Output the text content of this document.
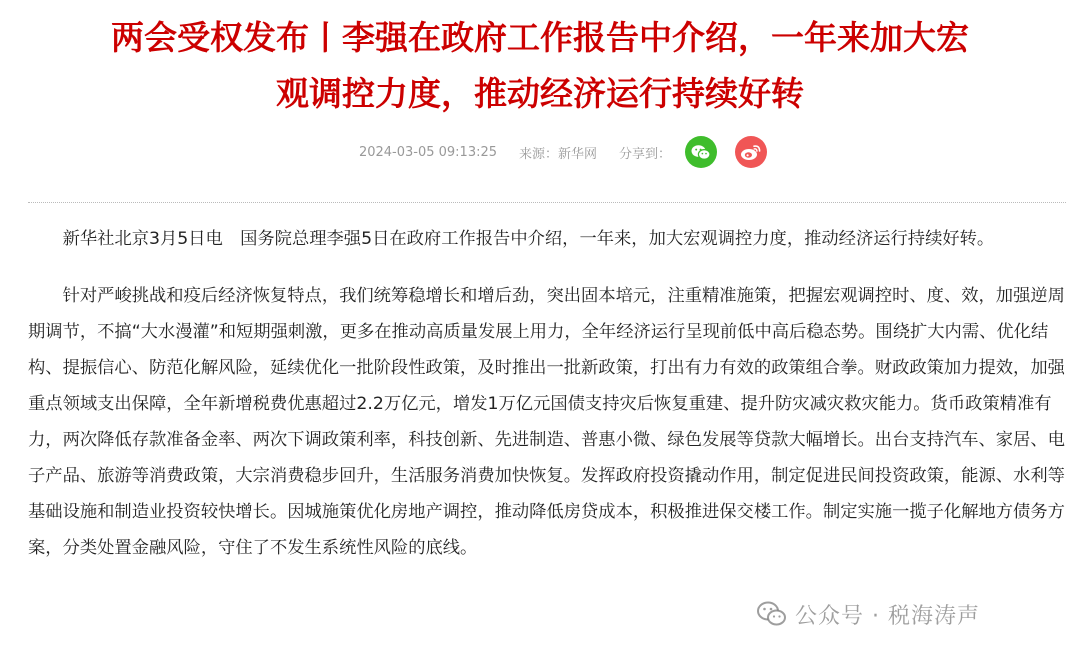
两会受权发布丨李强在政府工作报告中介绍，一年来加大宏
观调控力度，推动经济运行持续好转
2024-03-05 09:13:25 来源：新华网 分享到：

新华社北京3月5日电　国务院总理李强5日在政府工作报告中介绍，一年来，加大宏观调控力度，推动经济运行持续好转。

针对严峻挑战和疫后经济恢复特点，我们统筹稳增长和增后劲，突出固本培元，注重精准施策，把握宏观调控时、度、效，加强逆周期调节，不搞“大水漫灌”和短期强刺激，更多在推动高质量发展上用力，全年经济运行呈现前低中高后稳态势。围绕扩大内需、优化结构、提振信心、防范化解风险，延续优化一批阶段性政策，及时推出一批新政策，打出有力有效的政策组合拳。财政政策加力提效，加强重点领域支出保障，全年新增税费优惠超过2.2万亿元，增发1万亿元国债支持灾后恢复重建、提升防灾减灾救灾能力。货币政策精准有力，两次降低存款准备金率、两次下调政策利率，科技创新、先进制造、普惠小微、绿色发展等贷款大幅增长。出台支持汽车、家居、电子产品、旅游等消费政策，大宗消费稳步回升，生活服务消费加快恢复。发挥政府投资撬动作用，制定促进民间投资政策，能源、水利等基础设施和制造业投资较快增长。因城施策优化房地产调控，推动降低房贷成本，积极推进保交楼工作。制定实施一揽子化解地方债务方案，分类处置金融风险，守住了不发生系统性风险的底线。

公众号 · 税海涛声
